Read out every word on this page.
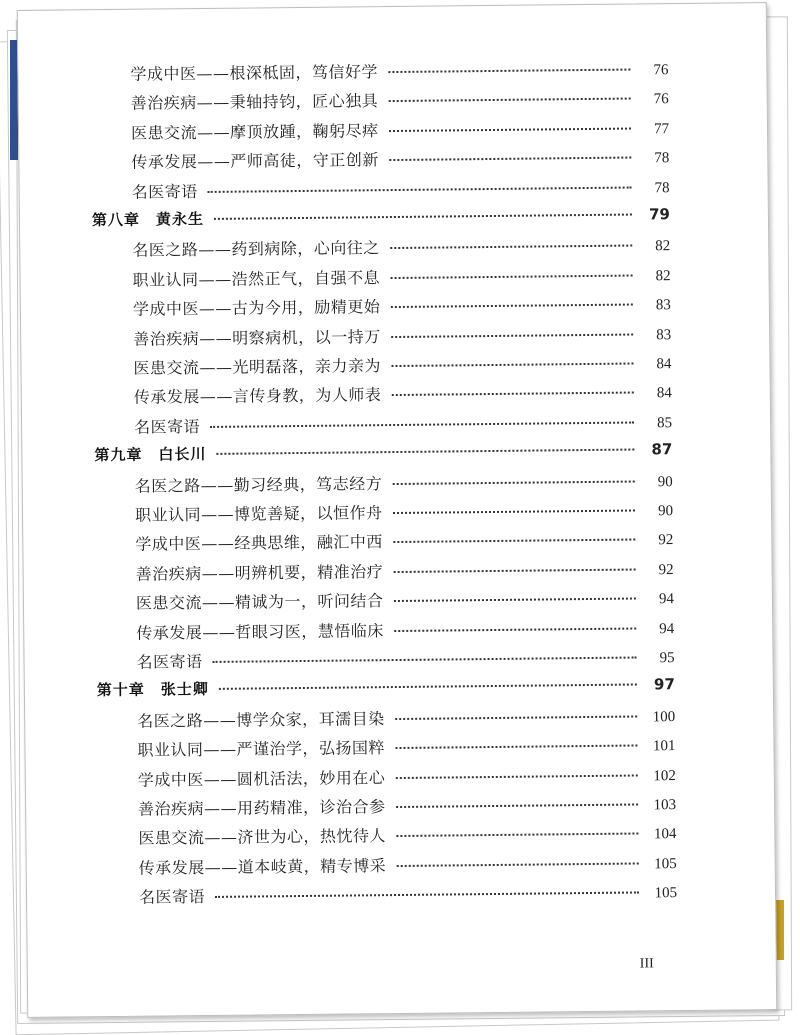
学成中医——根深柢固，笃信好学	76
善治疾病——秉轴持钧，匠心独具	76
医患交流——摩顶放踵，鞠躬尽瘁	77
传承发展——严师高徒，守正创新	78
名医寄语	78
第八章　黄永生	79
名医之路——药到病除，心向往之	82
职业认同——浩然正气，自强不息	82
学成中医——古为今用，励精更始	83
善治疾病——明察病机，以一持万	83
医患交流——光明磊落，亲力亲为	84
传承发展——言传身教，为人师表	84
名医寄语	85
第九章　白长川	87
名医之路——勤习经典，笃志经方	90
职业认同——博览善疑，以恒作舟	90
学成中医——经典思维，融汇中西	92
善治疾病——明辨机要，精准治疗	92
医患交流——精诚为一，听问结合	94
传承发展——哲眼习医，慧悟临床	94
名医寄语	95
第十章　张士卿	97
名医之路——博学众家，耳濡目染	100
职业认同——严谨治学，弘扬国粹	101
学成中医——圆机活法，妙用在心	102
善治疾病——用药精准，诊治合参	103
医患交流——济世为心，热忱待人	104
传承发展——道本岐黄，精专博采	105
名医寄语	105
III
